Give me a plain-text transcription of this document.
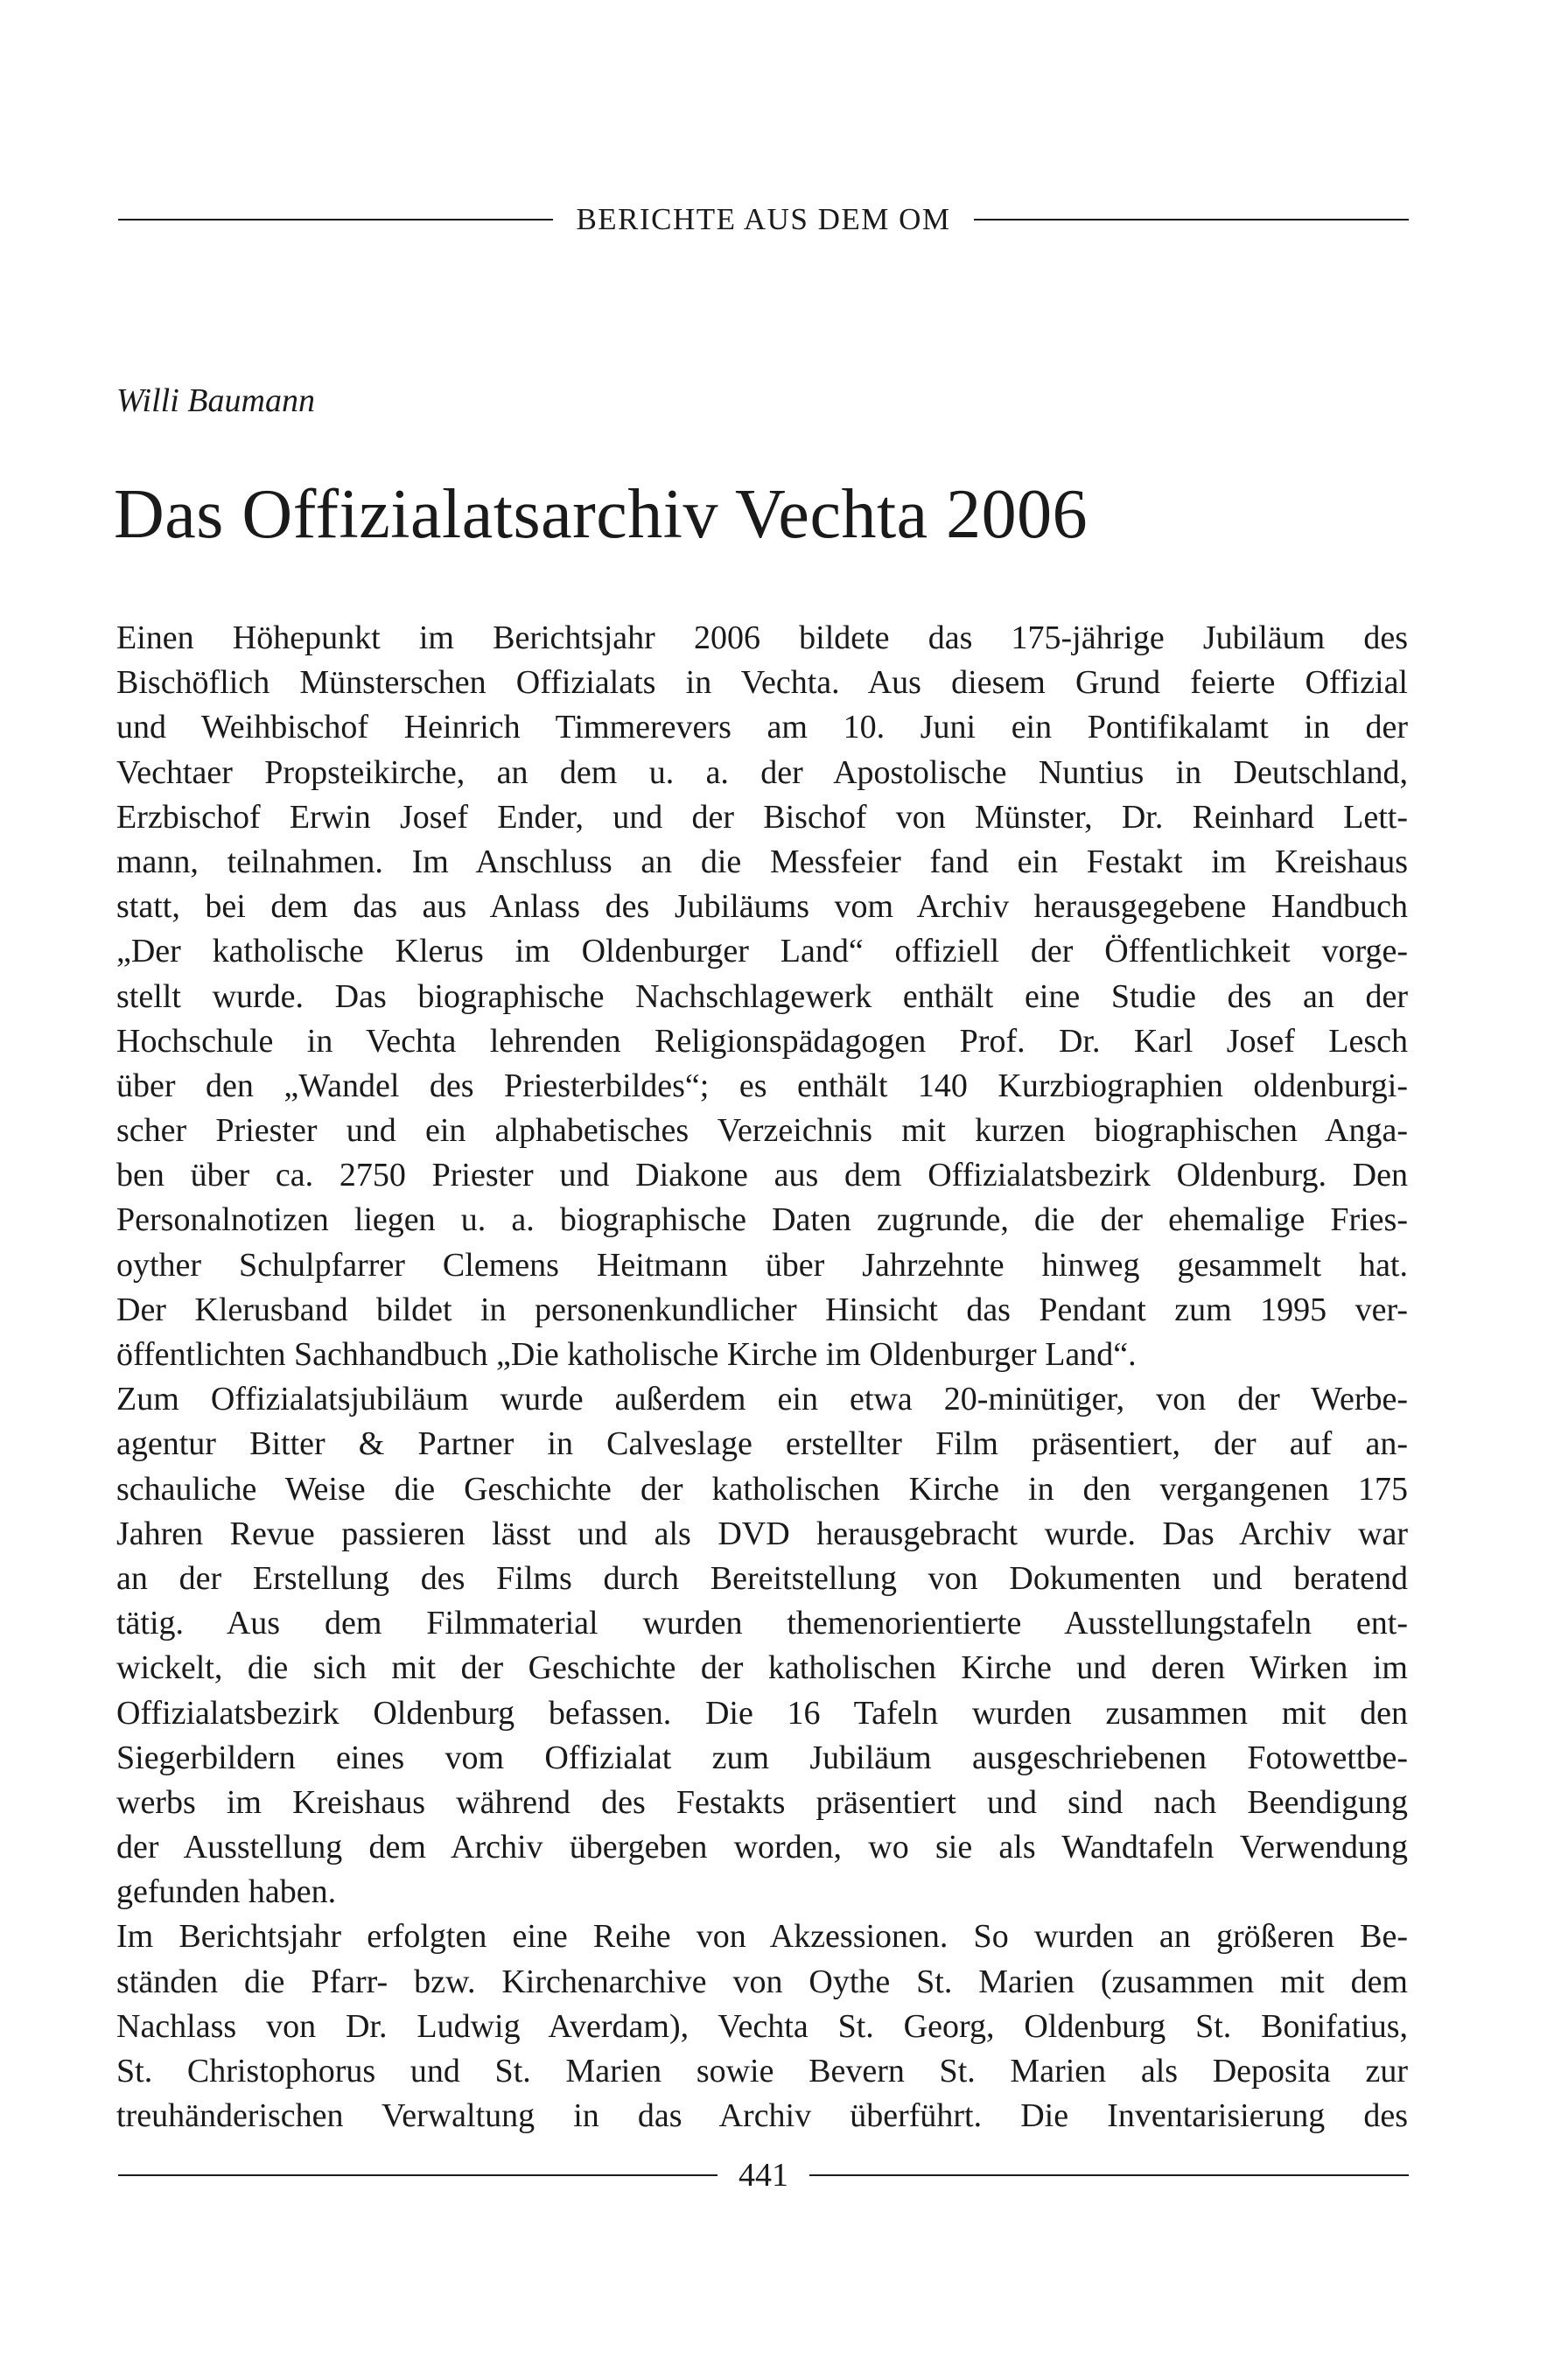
BERICHTE AUS DEM OM
Willi Baumann
Das Offizialatsarchiv Vechta 2006
Einen Höhepunkt im Berichtsjahr 2006 bildete das 175-jährige Jubiläum des
Bischöflich Münsterschen Offizialats in Vechta. Aus diesem Grund feierte Offizial
und Weihbischof Heinrich Timmerevers am 10. Juni ein Pontifikalamt in der
Vechtaer Propsteikirche, an dem u. a. der Apostolische Nuntius in Deutschland,
Erzbischof Erwin Josef Ender, und der Bischof von Münster, Dr. Reinhard Lett-
mann, teilnahmen. Im Anschluss an die Messfeier fand ein Festakt im Kreishaus
statt, bei dem das aus Anlass des Jubiläums vom Archiv herausgegebene Handbuch
„Der katholische Klerus im Oldenburger Land“ offiziell der Öffentlichkeit vorge-
stellt wurde. Das biographische Nachschlagewerk enthält eine Studie des an der
Hochschule in Vechta lehrenden Religionspädagogen Prof. Dr. Karl Josef Lesch
über den „Wandel des Priesterbildes“; es enthält 140 Kurzbiographien oldenburgi-
scher Priester und ein alphabetisches Verzeichnis mit kurzen biographischen Anga-
ben über ca. 2750 Priester und Diakone aus dem Offizialatsbezirk Oldenburg. Den
Personalnotizen liegen u. a. biographische Daten zugrunde, die der ehemalige Fries-
oyther Schulpfarrer Clemens Heitmann über Jahrzehnte hinweg gesammelt hat.
Der Klerusband bildet in personenkundlicher Hinsicht das Pendant zum 1995 ver-
öffentlichten Sachhandbuch „Die katholische Kirche im Oldenburger Land“.
Zum Offizialatsjubiläum wurde außerdem ein etwa 20-minütiger, von der Werbe-
agentur Bitter & Partner in Calveslage erstellter Film präsentiert, der auf an-
schauliche Weise die Geschichte der katholischen Kirche in den vergangenen 175
Jahren Revue passieren lässt und als DVD herausgebracht wurde. Das Archiv war
an der Erstellung des Films durch Bereitstellung von Dokumenten und beratend
tätig. Aus dem Filmmaterial wurden themenorientierte Ausstellungstafeln ent-
wickelt, die sich mit der Geschichte der katholischen Kirche und deren Wirken im
Offizialatsbezirk Oldenburg befassen. Die 16 Tafeln wurden zusammen mit den
Siegerbildern eines vom Offizialat zum Jubiläum ausgeschriebenen Fotowettbe-
werbs im Kreishaus während des Festakts präsentiert und sind nach Beendigung
der Ausstellung dem Archiv übergeben worden, wo sie als Wandtafeln Verwendung
gefunden haben.
Im Berichtsjahr erfolgten eine Reihe von Akzessionen. So wurden an größeren Be-
ständen die Pfarr- bzw. Kirchenarchive von Oythe St. Marien (zusammen mit dem
Nachlass von Dr. Ludwig Averdam), Vechta St. Georg, Oldenburg St. Bonifatius,
St. Christophorus und St. Marien sowie Bevern St. Marien als Deposita zur
treuhänderischen Verwaltung in das Archiv überführt. Die Inventarisierung des
441
